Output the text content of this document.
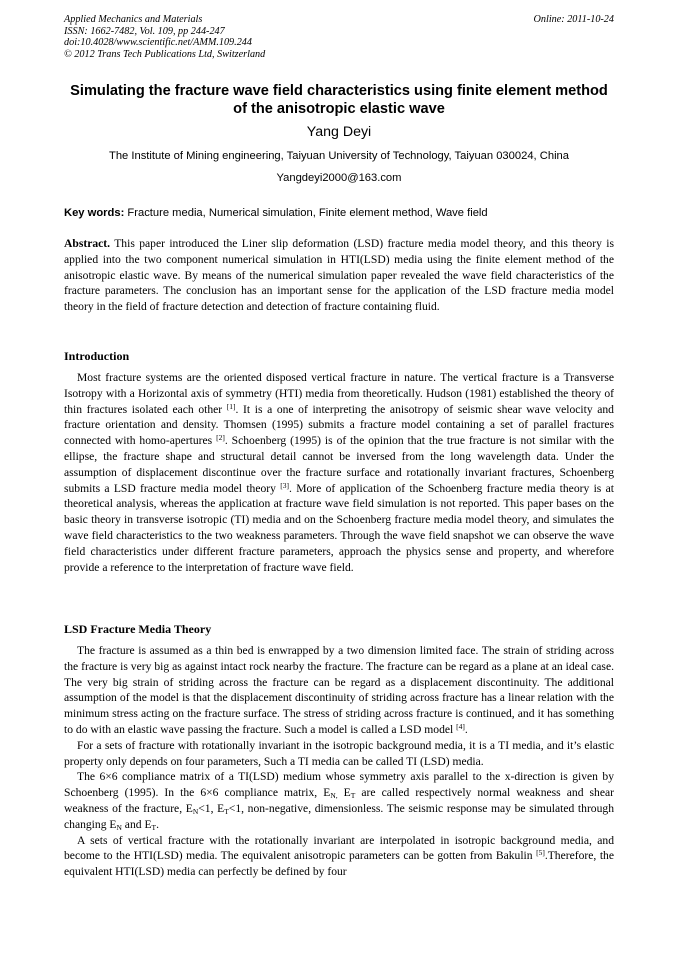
Applied Mechanics and Materials
ISSN: 1662-7482, Vol. 109, pp 244-247
doi:10.4028/www.scientific.net/AMM.109.244
© 2012 Trans Tech Publications Ltd, Switzerland
Online: 2011-10-24
Simulating the fracture wave field characteristics using finite element method of the anisotropic elastic wave
Yang Deyi
The Institute of Mining engineering, Taiyuan University of Technology, Taiyuan 030024, China
Yangdeyi2000@163.com
Key words: Fracture media, Numerical simulation, Finite element method, Wave field

Abstract. This paper introduced the Liner slip deformation (LSD) fracture media model theory, and this theory is applied into the two component numerical simulation in HTI(LSD) media using the finite element method of the anisotropic elastic wave. By means of the numerical simulation paper revealed the wave field characteristics of the fracture parameters. The conclusion has an important sense for the application of the LSD fracture media model theory in the field of fracture detection and detection of fracture containing fluid.

Introduction

Most fracture systems are the oriented disposed vertical fracture in nature. The vertical fracture is a Transverse Isotropy with a Horizontal axis of symmetry (HTI) media from theoretically. Hudson (1981) established the theory of thin fractures isolated each other [1]. It is a one of interpreting the anisotropy of seismic shear wave velocity and fracture orientation and density. Thomsen (1995) submits a fracture model containing a set of parallel fractures connected with homo-apertures [2]. Schoenberg (1995) is of the opinion that the true fracture is not similar with the ellipse, the fracture shape and structural detail cannot be inversed from the long wavelength data. Under the assumption of displacement discontinue over the fracture surface and rotationally invariant fractures, Schoenberg submits a LSD fracture media model theory [3]. More of application of the Schoenberg fracture media theory is at theoretical analysis, whereas the application at fracture wave field simulation is not reported. This paper bases on the basic theory in transverse isotropic (TI) media and on the Schoenberg fracture media model theory, and simulates the wave field characteristics to the two weakness parameters. Through the wave field snapshot we can observe the wave field characteristics under different fracture parameters, approach the physics sense and property, and wherefore provide a reference to the interpretation of fracture wave field.

LSD Fracture Media Theory

The fracture is assumed as a thin bed is enwrapped by a two dimension limited face. The strain of striding across the fracture is very big as against intact rock nearby the fracture. The fracture can be regard as a plane at an ideal case. The very big strain of striding across the fracture can be regard as a displacement discontinuity. The additional assumption of the model is that the displacement discontinuity of striding across fracture has a linear relation with the minimum stress acting on the fracture surface. The stress of striding across fracture is continued, and it has something to do with an elastic wave passing the fracture. Such a model is called a LSD model [4].

For a sets of fracture with rotationally invariant in the isotropic background media, it is a TI media, and it’s elastic property only depends on four parameters, Such a TI media can be called TI (LSD) media.

The 6×6 compliance matrix of a TI(LSD) medium whose symmetry axis parallel to the x-direction is given by Schoenberg (1995). In the 6×6 compliance matrix, $E_{N,}$ $E_T$ are called respectively normal weakness and shear weakness of the fracture, $E_N<1$, $E_T<1$, non-negative, dimensionless. The seismic response may be simulated through changing $E_N$ and $E_T$.

A sets of vertical fracture with the rotationally invariant are interpolated in isotropic background media, and become to the HTI(LSD) media. The equivalent anisotropic parameters can be gotten from Bakulin [5].Therefore, the equivalent HTI(LSD) media can perfectly be defined by four
